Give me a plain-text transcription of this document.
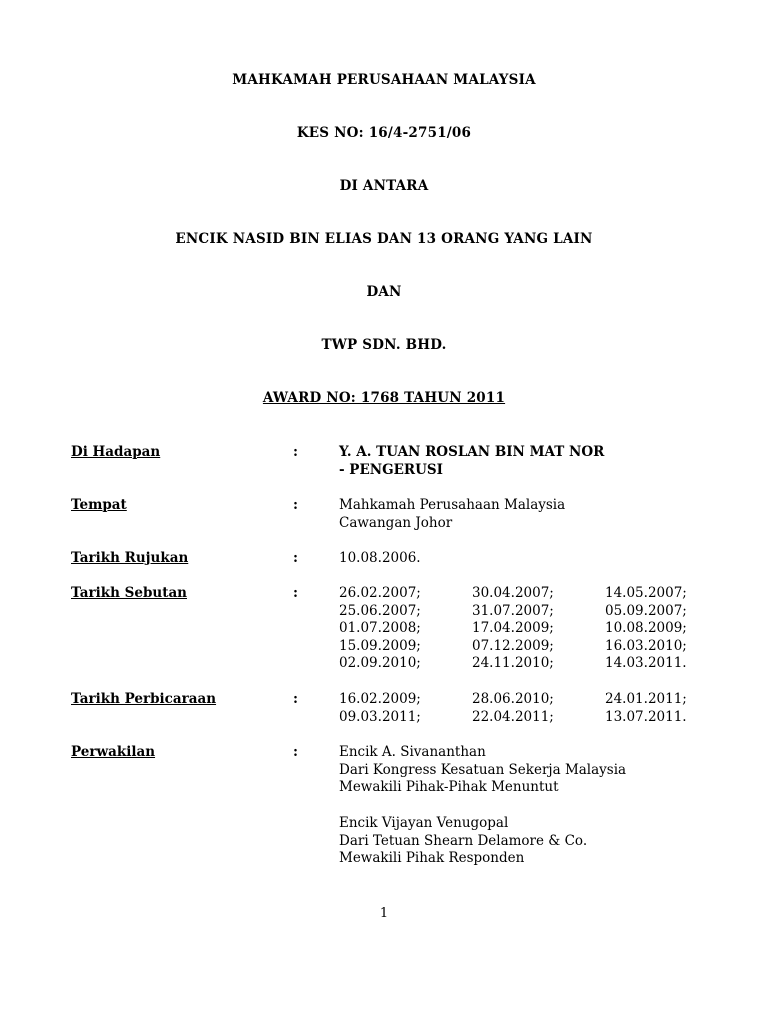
MAHKAMAH PERUSAHAAN MALAYSIA
KES NO: 16/4-2751/06
DI ANTARA
ENCIK NASID BIN ELIAS DAN 13 ORANG YANG LAIN
DAN
TWP SDN. BHD.
AWARD NO: 1768 TAHUN 2011
Di Hadapan	:	Y. A. TUAN ROSLAN BIN MAT NOR
- PENGERUSI
Tempat	:	Mahkamah Perusahaan Malaysia
Cawangan Johor
Tarikh Rujukan	:	10.08.2006.
Tarikh Sebutan	:	26.02.2007;	30.04.2007;	14.05.2007;
25.06.2007;	31.07.2007;	05.09.2007;
01.07.2008;	17.04.2009;	10.08.2009;
15.09.2009;	07.12.2009;	16.03.2010;
02.09.2010;	24.11.2010;	14.03.2011.
Tarikh Perbicaraan	:	16.02.2009;	28.06.2010;	24.01.2011;
09.03.2011;	22.04.2011;	13.07.2011.
Perwakilan	:	Encik A. Sivananthan
Dari Kongress Kesatuan Sekerja Malaysia
Mewakili Pihak-Pihak Menuntut
Encik Vijayan Venugopal
Dari Tetuan Shearn Delamore & Co.
Mewakili Pihak Responden
1
